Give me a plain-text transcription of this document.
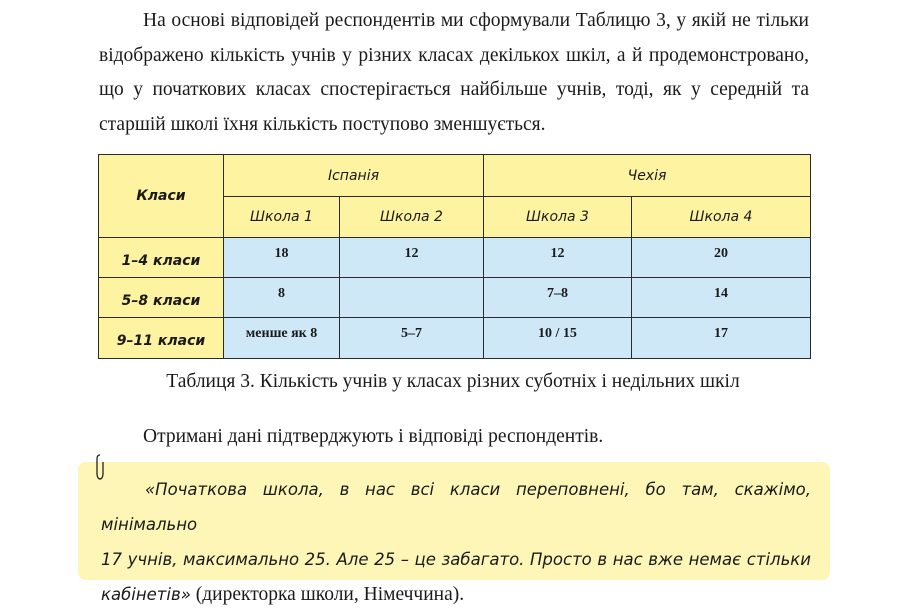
На основі відповідей респондентів ми сформували Таблицю 3, у якій не тільки
відображено кількість учнів у різних класах декількох шкіл, а й продемонстровано,
що у початкових класах спостерігається найбільше учнів, тоді, як у середній та
старшій школі їхня кількість поступово зменшується.

Класи	Іспанія		Чехія	
	Школа 1	Школа 2	Школа 3	Школа 4
1–4 класи	18	12	12	20
5–8 класи	8		7–8	14
9–11 класи	менше як 8	5–7	10 / 15	17
Таблиця 3. Кількість учнів у класах різних суботніх і недільних шкіл

Отримані дані підтверджують і відповіді респондентів.

«Початкова школа, в нас всі класи переповнені, бо там, скажімо, мінімально
17 учнів, максимально 25. Але 25 – це забагато. Просто в нас вже немає стільки
кабінетів» (директорка школи, Німеччина).
